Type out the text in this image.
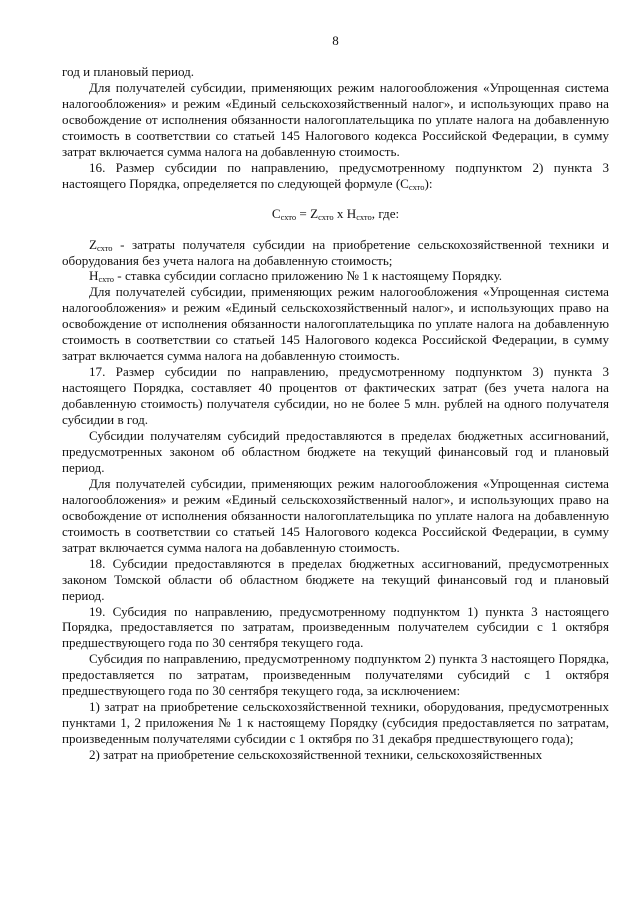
8

год и плановый период.

Для получателей субсидии, применяющих режим налогообложения «Упрощенная система налогообложения» и режим «Единый сельскохозяйственный налог», и использующих право на освобождение от исполнения обязанности налогоплательщика по уплате налога на добавленную стоимость в соответствии со статьей 145 Налогового кодекса Российской Федерации, в сумму затрат включается сумма налога на добавленную стоимость.

16. Размер субсидии по направлению, предусмотренному подпунктом 2) пункта 3 настоящего Порядка, определяется по следующей формуле $(C_{схто})$:

$C_{схто} = Z_{схто}$ х $H_{схто}$, где:

$Z_{схто}$ - затраты получателя субсидии на приобретение сельскохозяйственной техники и оборудования без учета налога на добавленную стоимость;

$H_{схто}$ - ставка субсидии согласно приложению № 1 к настоящему Порядку.

Для получателей субсидии, применяющих режим налогообложения «Упрощенная система налогообложения» и режим «Единый сельскохозяйственный налог», и использующих право на освобождение от исполнения обязанности налогоплательщика по уплате налога на добавленную стоимость в соответствии со статьей 145 Налогового кодекса Российской Федерации, в сумму затрат включается сумма налога на добавленную стоимость.

17. Размер субсидии по направлению, предусмотренному подпунктом 3) пункта 3 настоящего Порядка, составляет 40 процентов от фактических затрат (без учета налога на добавленную стоимость) получателя субсидии, но не более 5 млн. рублей на одного получателя субсидии в год.

Субсидии получателям субсидий предоставляются в пределах бюджетных ассигнований, предусмотренных законом об областном бюджете на текущий финансовый год и плановый период.

Для получателей субсидии, применяющих режим налогообложения «Упрощенная система налогообложения» и режим «Единый сельскохозяйственный налог», и использующих право на освобождение от исполнения обязанности налогоплательщика по уплате налога на добавленную стоимость в соответствии со статьей 145 Налогового кодекса Российской Федерации, в сумму затрат включается сумма налога на добавленную стоимость.

18. Субсидии предоставляются в пределах бюджетных ассигнований, предусмотренных законом Томской области об областном бюджете на текущий финансовый год и плановый период.

19. Субсидия по направлению, предусмотренному подпунктом 1) пункта 3 настоящего Порядка, предоставляется по затратам, произведенным получателем субсидии с 1 октября предшествующего года по 30 сентября текущего года.

Субсидия по направлению, предусмотренному подпунктом 2) пункта 3 настоящего Порядка, предоставляется по затратам, произведенным получателями субсидий с 1 октября предшествующего года по 30 сентября текущего года, за исключением:

1) затрат на приобретение сельскохозяйственной техники, оборудования, предусмотренных пунктами 1, 2 приложения № 1 к настоящему Порядку (субсидия предоставляется по затратам, произведенным получателями субсидии с 1 октября по 31 декабря предшествующего года);

2) затрат на приобретение сельскохозяйственной техники, сельскохозяйственных
